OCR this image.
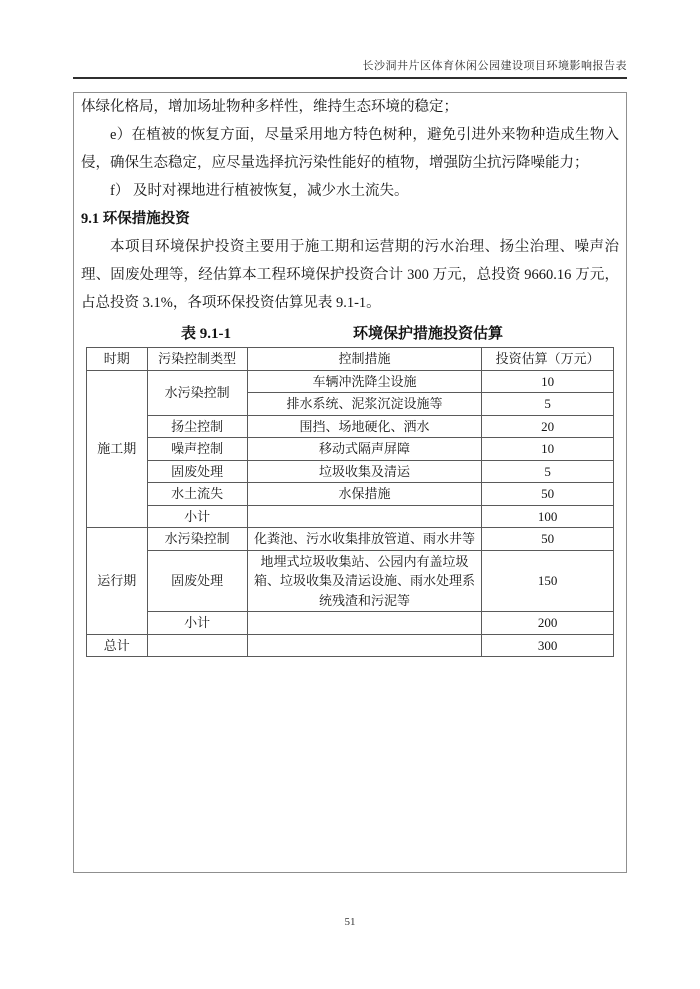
长沙洞井片区体育休闲公园建设项目环境影响报告表

体绿化格局，增加场址物种多样性，维持生态环境的稳定；

e）在植被的恢复方面，尽量采用地方特色树种，避免引进外来物种造成生物入侵，确保生态稳定，应尽量选择抗污染性能好的植物，增强防尘抗污降噪能力；

f） 及时对裸地进行植被恢复，减少水土流失。

9.1 环保措施投资

本项目环境保护投资主要用于施工期和运营期的污水治理、扬尘治理、噪声治理、固废处理等，经估算本工程环境保护投资合计 300 万元，总投资 9660.16 万元，占总投资 3.1%，各项环保投资估算见表 9.1-1。

表 9.1-1	环境保护措施投资估算
时期	污染控制类型	控制措施	投资估算（万元）
施工期	水污染控制	车辆冲洗降尘设施	10
		排水系统、泥浆沉淀设施等	5
	扬尘控制	围挡、场地硬化、洒水	20
	噪声控制	移动式隔声屏障	10
	固废处理	垃圾收集及清运	5
	水土流失	水保措施	50
	小计		100
运行期	水污染控制	化粪池、污水收集排放管道、雨水井等	50
	固废处理	地埋式垃圾收集站、公园内有盖垃圾箱、垃圾收集及清运设施、雨水处理系统残渣和污泥等	150
	小计		200
总计			300
51
